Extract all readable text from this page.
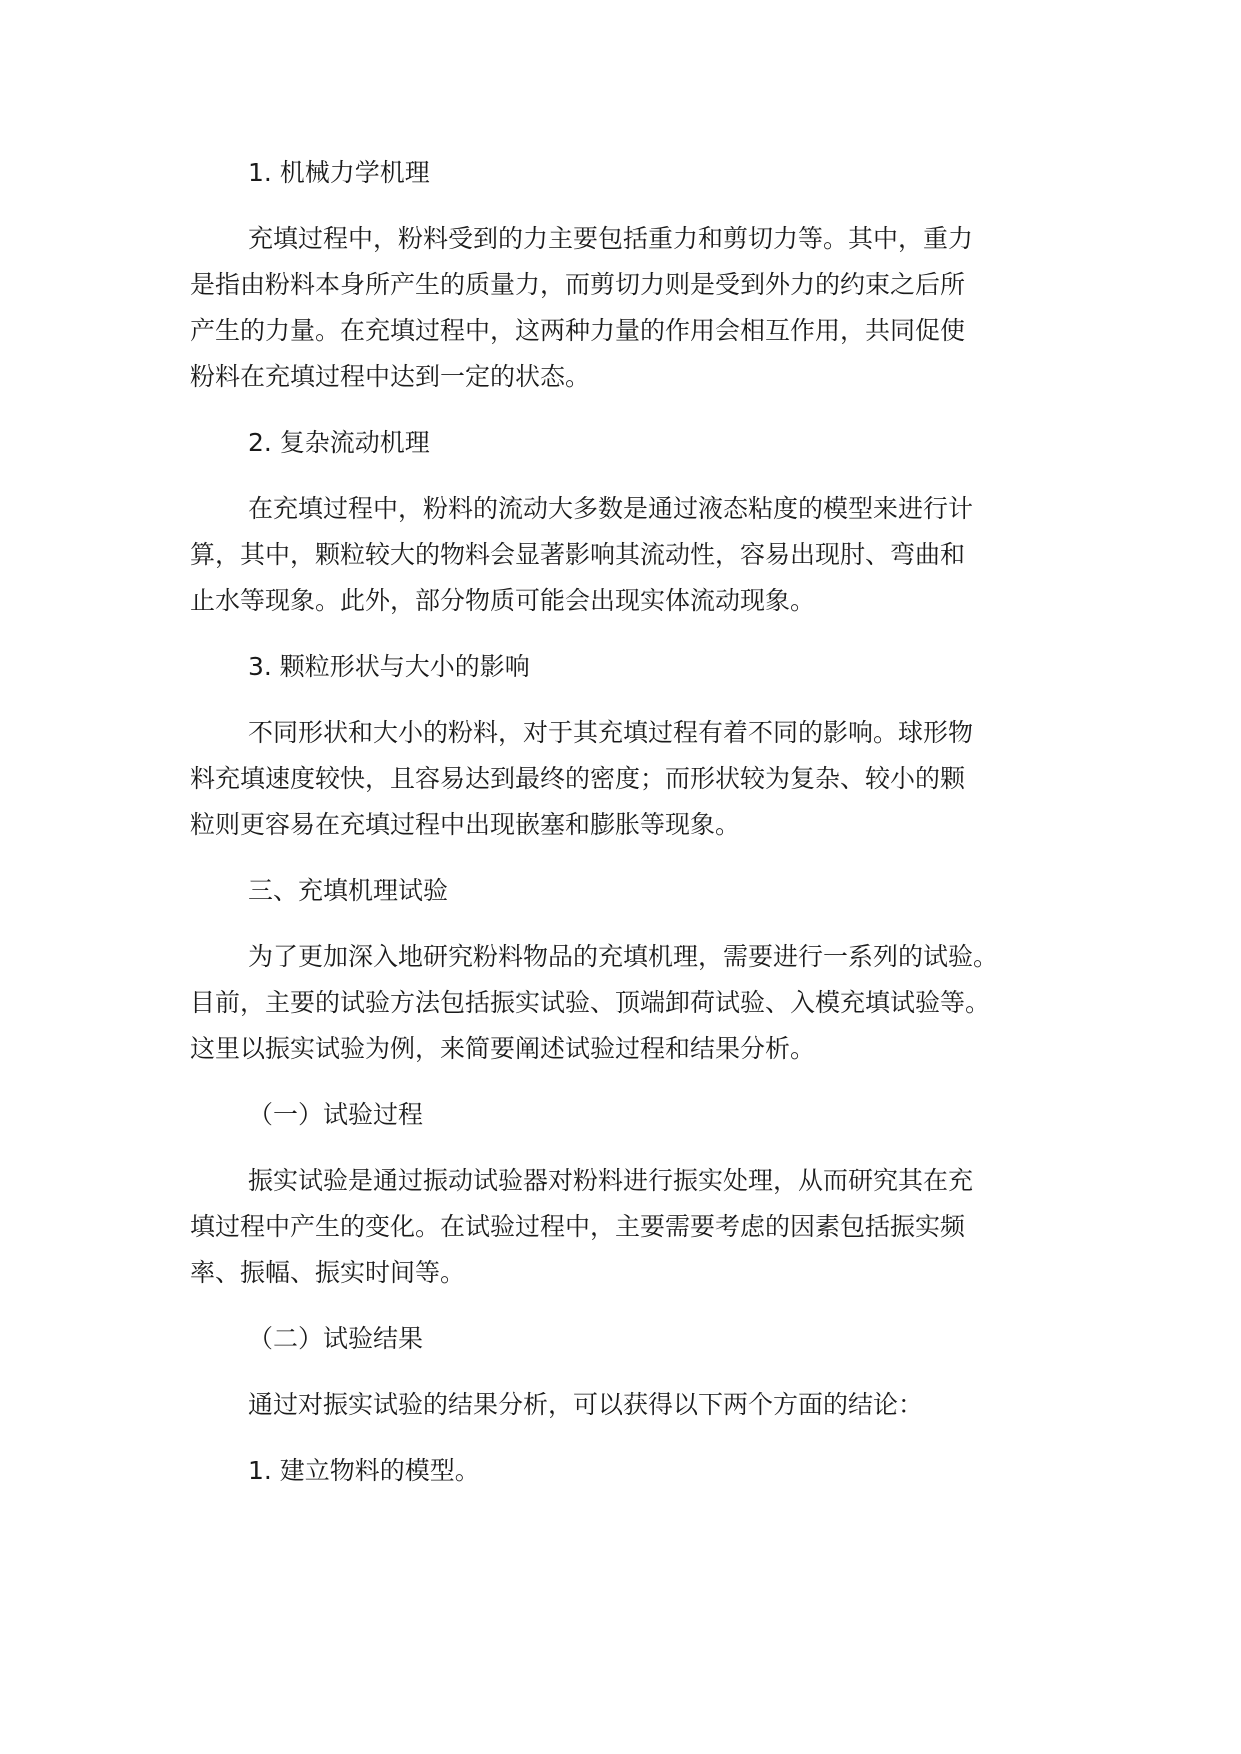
1. 机械力学机理
充填过程中，粉料受到的力主要包括重力和剪切力等。其中，重力
是指由粉料本身所产生的质量力，而剪切力则是受到外力的约束之后所
产生的力量。在充填过程中，这两种力量的作用会相互作用，共同促使
粉料在充填过程中达到一定的状态。
2. 复杂流动机理
在充填过程中，粉料的流动大多数是通过液态粘度的模型来进行计
算，其中，颗粒较大的物料会显著影响其流动性，容易出现肘、弯曲和
止水等现象。此外，部分物质可能会出现实体流动现象。
3. 颗粒形状与大小的影响
不同形状和大小的粉料，对于其充填过程有着不同的影响。球形物
料充填速度较快，且容易达到最终的密度；而形状较为复杂、较小的颗
粒则更容易在充填过程中出现嵌塞和膨胀等现象。
三、充填机理试验
为了更加深入地研究粉料物品的充填机理，需要进行一系列的试验。
目前，主要的试验方法包括振实试验、顶端卸荷试验、入模充填试验等。
这里以振实试验为例，来简要阐述试验过程和结果分析。
（一）试验过程
振实试验是通过振动试验器对粉料进行振实处理，从而研究其在充
填过程中产生的变化。在试验过程中，主要需要考虑的因素包括振实频
率、振幅、振实时间等。
（二）试验结果
通过对振实试验的结果分析，可以获得以下两个方面的结论：
1. 建立物料的模型。
